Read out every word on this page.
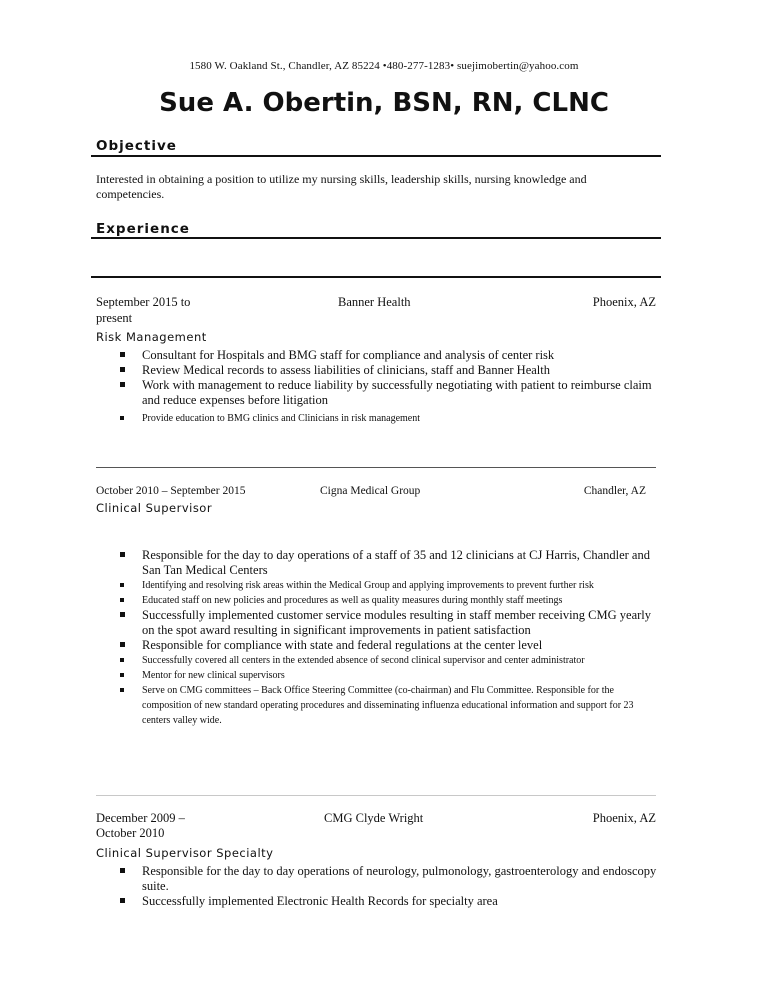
1580 W. Oakland St., Chandler, AZ 85224 •480-277-1283• suejimobertin@yahoo.com
Sue A. Obertin, BSN, RN, CLNC
Objective
Interested in obtaining a position to utilize my nursing skills, leadership skills, nursing knowledge and competencies.
Experience
September 2015 to	Banner Health	Phoenix, AZ
present
Risk Management
Consultant for Hospitals and BMG staff for compliance and analysis of center risk
Review Medical records to assess liabilities of clinicians, staff and Banner Health
Work with management to reduce liability by successfully negotiating with patient to reimburse claim and reduce expenses before litigation
Provide education to BMG clinics and Clinicians in risk management
October 2010 – September 2015	Cigna Medical Group	Chandler, AZ
Clinical Supervisor
Responsible for the day to day operations of a staff of 35 and 12 clinicians at CJ Harris, Chandler and San Tan Medical Centers
Identifying and resolving risk areas within the Medical Group and applying improvements to prevent further risk
Educated staff on new policies and procedures as well as quality measures during monthly staff meetings
Successfully implemented customer service modules resulting in staff member receiving CMG yearly on the spot award resulting in significant improvements in patient satisfaction
Responsible for compliance with state and federal regulations at the center level
Successfully covered all centers in the extended absence of second clinical supervisor and center administrator
Mentor for new clinical supervisors
Serve on CMG committees – Back Office Steering Committee (co-chairman) and Flu Committee. Responsible for the composition of new standard operating procedures and disseminating influenza educational information and support for 23 centers valley wide.
December 2009 –	CMG Clyde Wright	Phoenix, AZ
October 2010
Clinical Supervisor Specialty
Responsible for the day to day operations of neurology, pulmonology, gastroenterology and endoscopy suite.
Successfully implemented Electronic Health Records for specialty area
